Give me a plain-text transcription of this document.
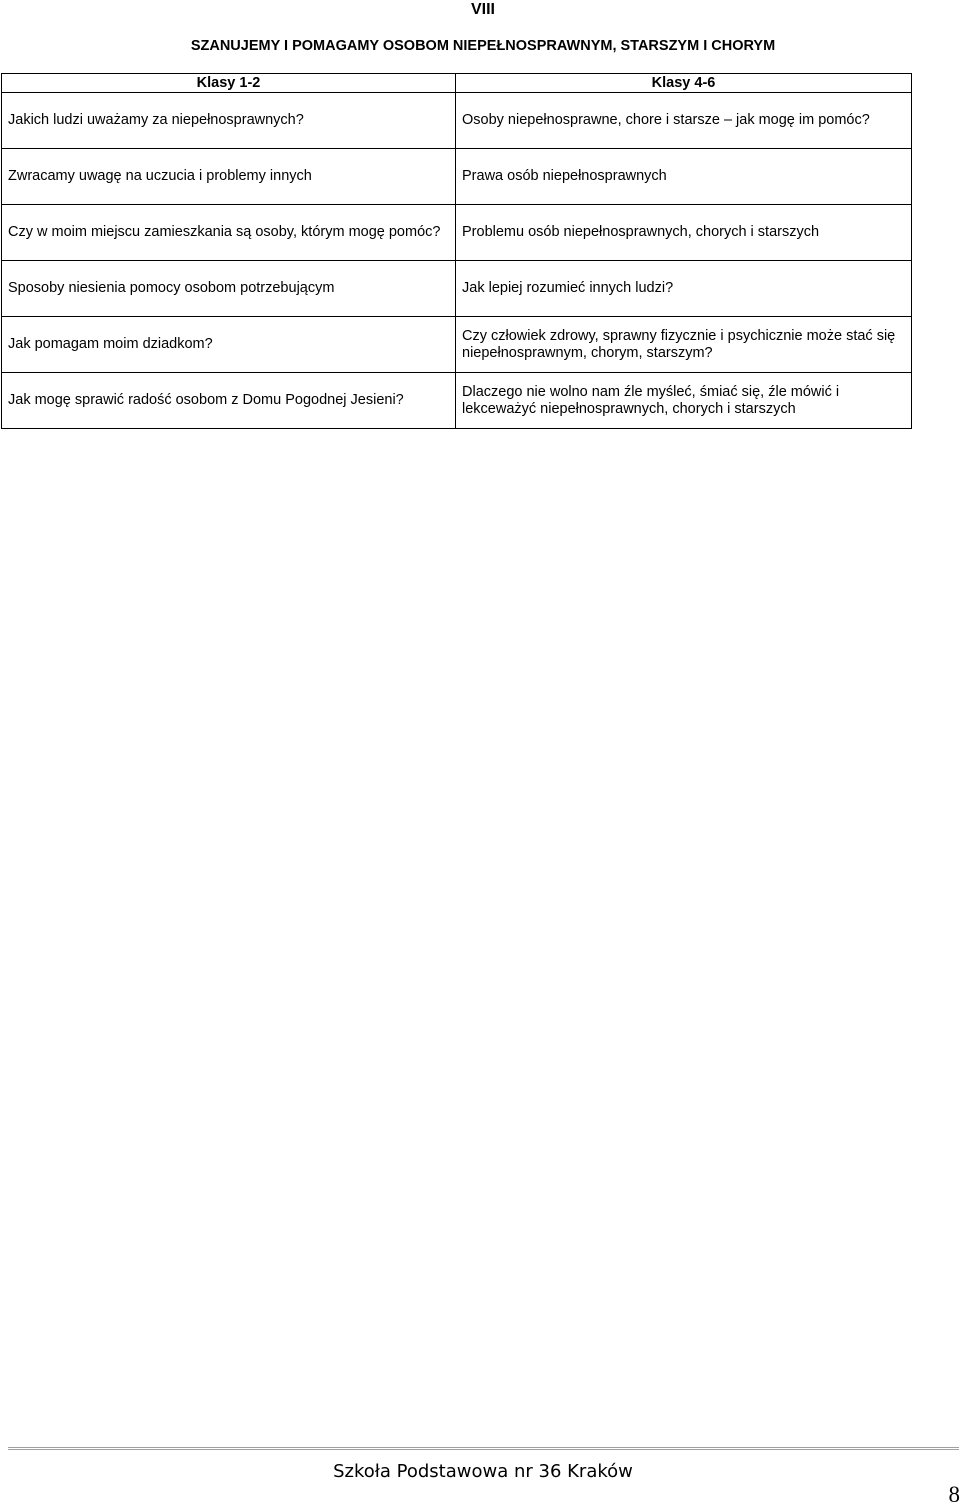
VIII
SZANUJEMY I POMAGAMY OSOBOM NIEPEŁNOSPRAWNYM, STARSZYM I CHORYM
Klasy 1-2	Klasy 4-6
Jakich ludzi uważamy za niepełnosprawnych?	Osoby niepełnosprawne, chore i starsze – jak mogę im pomóc?
Zwracamy uwagę na uczucia i problemy innych	Prawa osób niepełnosprawnych
Czy w moim miejscu zamieszkania są osoby, którym mogę pomóc?	Problemu osób niepełnosprawnych, chorych i starszych
Sposoby niesienia pomocy osobom potrzebującym	Jak lepiej rozumieć innych ludzi?
Jak pomagam moim dziadkom?	Czy człowiek zdrowy, sprawny fizycznie i psychicznie może stać się niepełnosprawnym, chorym, starszym?
Jak mogę sprawić radość osobom z Domu Pogodnej Jesieni?	Dlaczego nie wolno nam źle myśleć, śmiać się, źle mówić i lekceważyć niepełnosprawnych, chorych i starszych
Szkoła Podstawowa nr 36 Kraków
8
